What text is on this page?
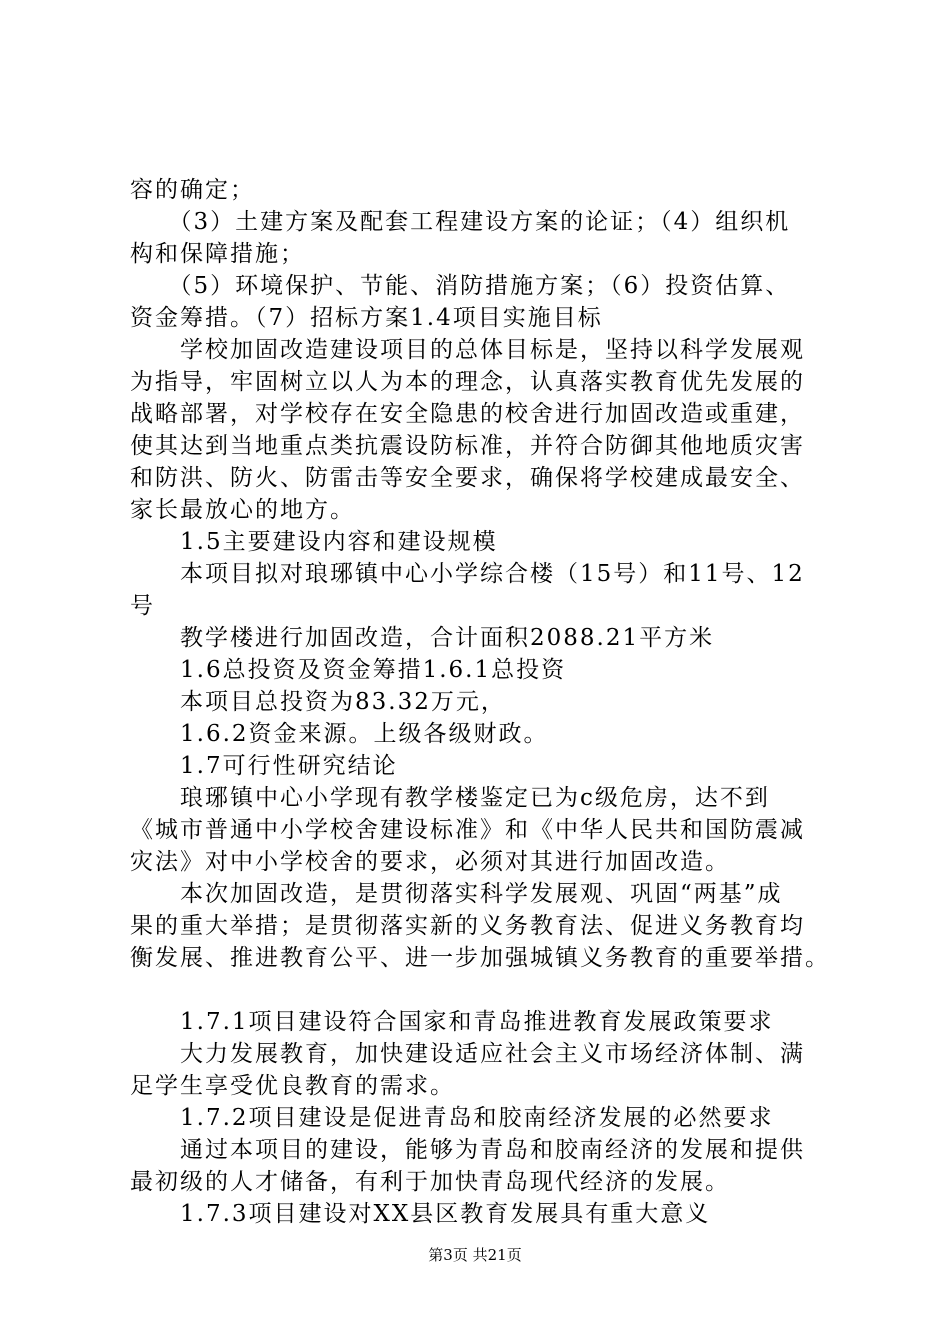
容的确定；
　　（3）土建方案及配套工程建设方案的论证；（4）组织机
构和保障措施；
　　（5）环境保护、节能、消防措施方案；（6）投资估算、
资金筹措。（7）招标方案1.4项目实施目标
　　学校加固改造建设项目的总体目标是，坚持以科学发展观
为指导，牢固树立以人为本的理念，认真落实教育优先发展的
战略部署，对学校存在安全隐患的校舍进行加固改造或重建，
使其达到当地重点类抗震设防标准，并符合防御其他地质灾害
和防洪、防火、防雷击等安全要求，确保将学校建成最安全、
家长最放心的地方。
　　1.5主要建设内容和建设规模
　　本项目拟对琅琊镇中心小学综合楼（15号）和11号、12
号
　　教学楼进行加固改造，合计面积2088.21平方米
　　1.6总投资及资金筹措1.6.1总投资
　　本项目总投资为83.32万元，
　　1.6.2资金来源。上级各级财政。
　　1.7可行性研究结论
　　琅琊镇中心小学现有教学楼鉴定已为c级危房，达不到
《城市普通中小学校舍建设标准》和《中华人民共和国防震减
灾法》对中小学校舍的要求，必须对其进行加固改造。
　　本次加固改造，是贯彻落实科学发展观、巩固“两基”成
果的重大举措；是贯彻落实新的义务教育法、促进义务教育均
衡发展、推进教育公平、进一步加强城镇义务教育的重要举措。
　　1.7.1项目建设符合国家和青岛推进教育发展政策要求
　　大力发展教育，加快建设适应社会主义市场经济体制、满
足学生享受优良教育的需求。
　　1.7.2项目建设是促进青岛和胶南经济发展的必然要求
　　通过本项目的建设，能够为青岛和胶南经济的发展和提供
最初级的人才储备，有利于加快青岛现代经济的发展。
　　1.7.3项目建设对XX县区教育发展具有重大意义
第3页 共21页
